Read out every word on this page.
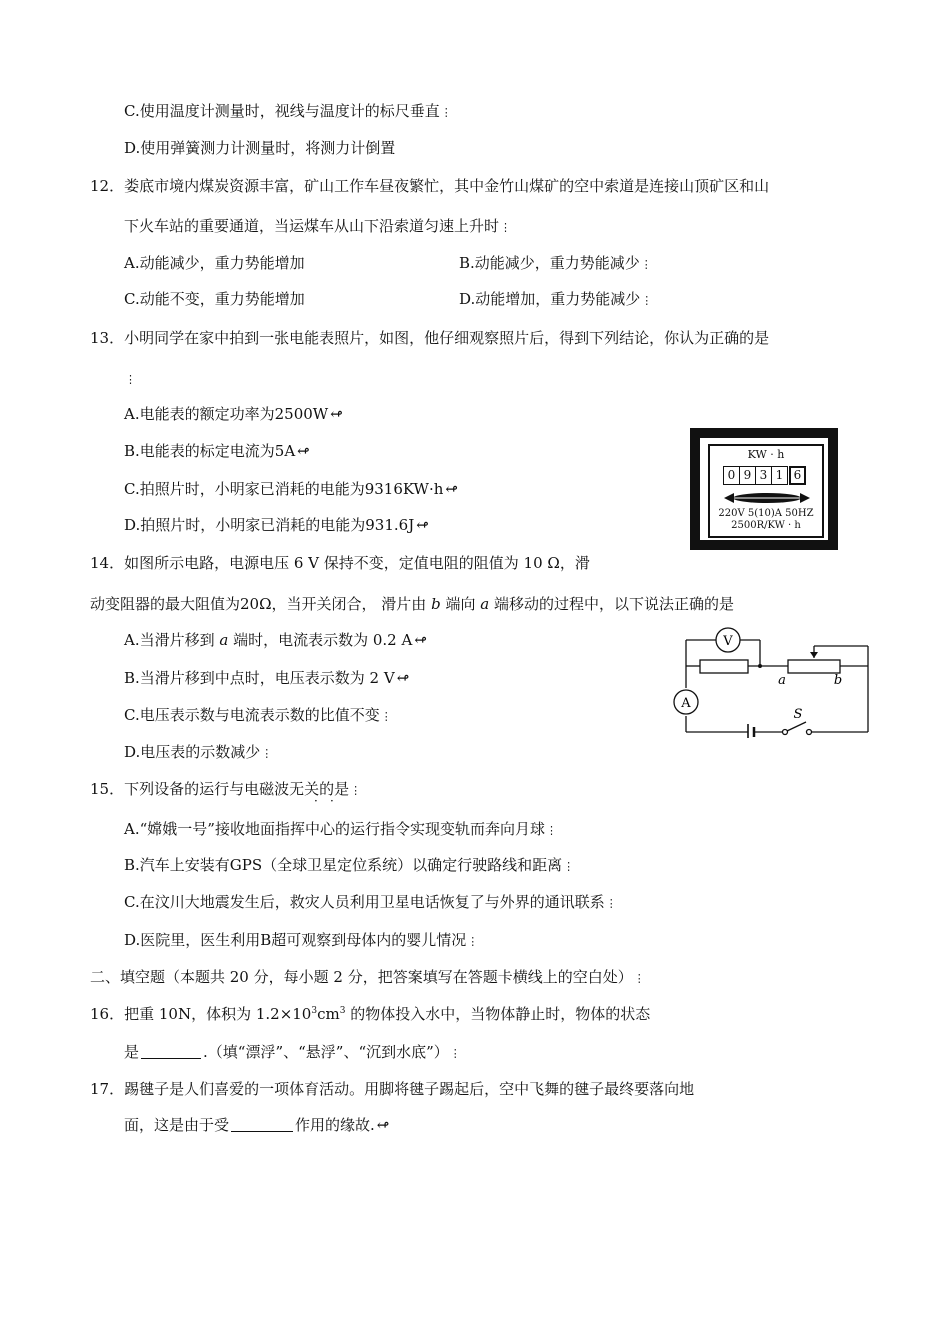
C.使用温度计测量时，视线与温度计的标尺垂直⋮
D.使用弹簧测力计测量时，将测力计倒置
12．娄底市境内煤炭资源丰富，矿山工作车昼夜繁忙，其中金竹山煤矿的空中索道是连接山顶矿区和山
下火车站的重要通道，当运煤车从山下沿索道匀速上升时⋮
A.动能减少，重力势能增加	B.动能减少，重力势能减少⋮
C.动能不变，重力势能增加	D.动能增加，重力势能减少⋮
13．小明同学在家中拍到一张电能表照片，如图，他仔细观察照片后，得到下列结论，你认为正确的是
⋮
A.电能表的额定功率为2500W ↫
B.电能表的标定电流为5A ↫
C.拍照片时，小明家已消耗的电能为9316KW·h ↫
D.拍照片时，小明家已消耗的电能为931.6J ↫
KW · h
0 9 3 1 6
220V 5(10)A 50HZ
2500R/KW · h
14．如图所示电路，电源电压 6 V 保持不变，定值电阻的阻值为 10 Ω，滑
动变阻器的最大阻值为20Ω，当开关闭合， 滑片由 b 端向 a 端移动的过程中，以下说法正确的是
A.当滑片移到 a 端时，电流表示数为 0.2 A ↫
B.当滑片移到中点时，电压表示数为 2 V ↫
C.电压表示数与电流表示数的比值不变⋮
D.电压表的示数减少⋮
V
A
S
a	b
15．下列设备的运行与电磁波无关的是⋮
· ·
A.“嫦娥一号”接收地面指挥中心的运行指令实现变轨而奔向月球⋮
B.汽车上安装有GPS（全球卫星定位系统）以确定行驶路线和距离⋮
C.在汶川大地震发生后，救灾人员利用卫星电话恢复了与外界的通讯联系⋮
D.医院里，医生利用B超可观察到母体内的婴儿情况⋮
二、填空题（本题共 20 分，每小题 2 分，把答案填写在答题卡横线上的空白处）⋮
16．把重 10N，体积为 $1.2\times 10^3cm^3$ 的物体投入水中，当物体静止时，物体的状态
是	.（填“漂浮”、“悬浮”、“沉到水底”）⋮
17．踢毽子是人们喜爱的一项体育活动。用脚将毽子踢起后，空中飞舞的毽子最终要落向地
面，这是由于受	作用的缘故. ↫
